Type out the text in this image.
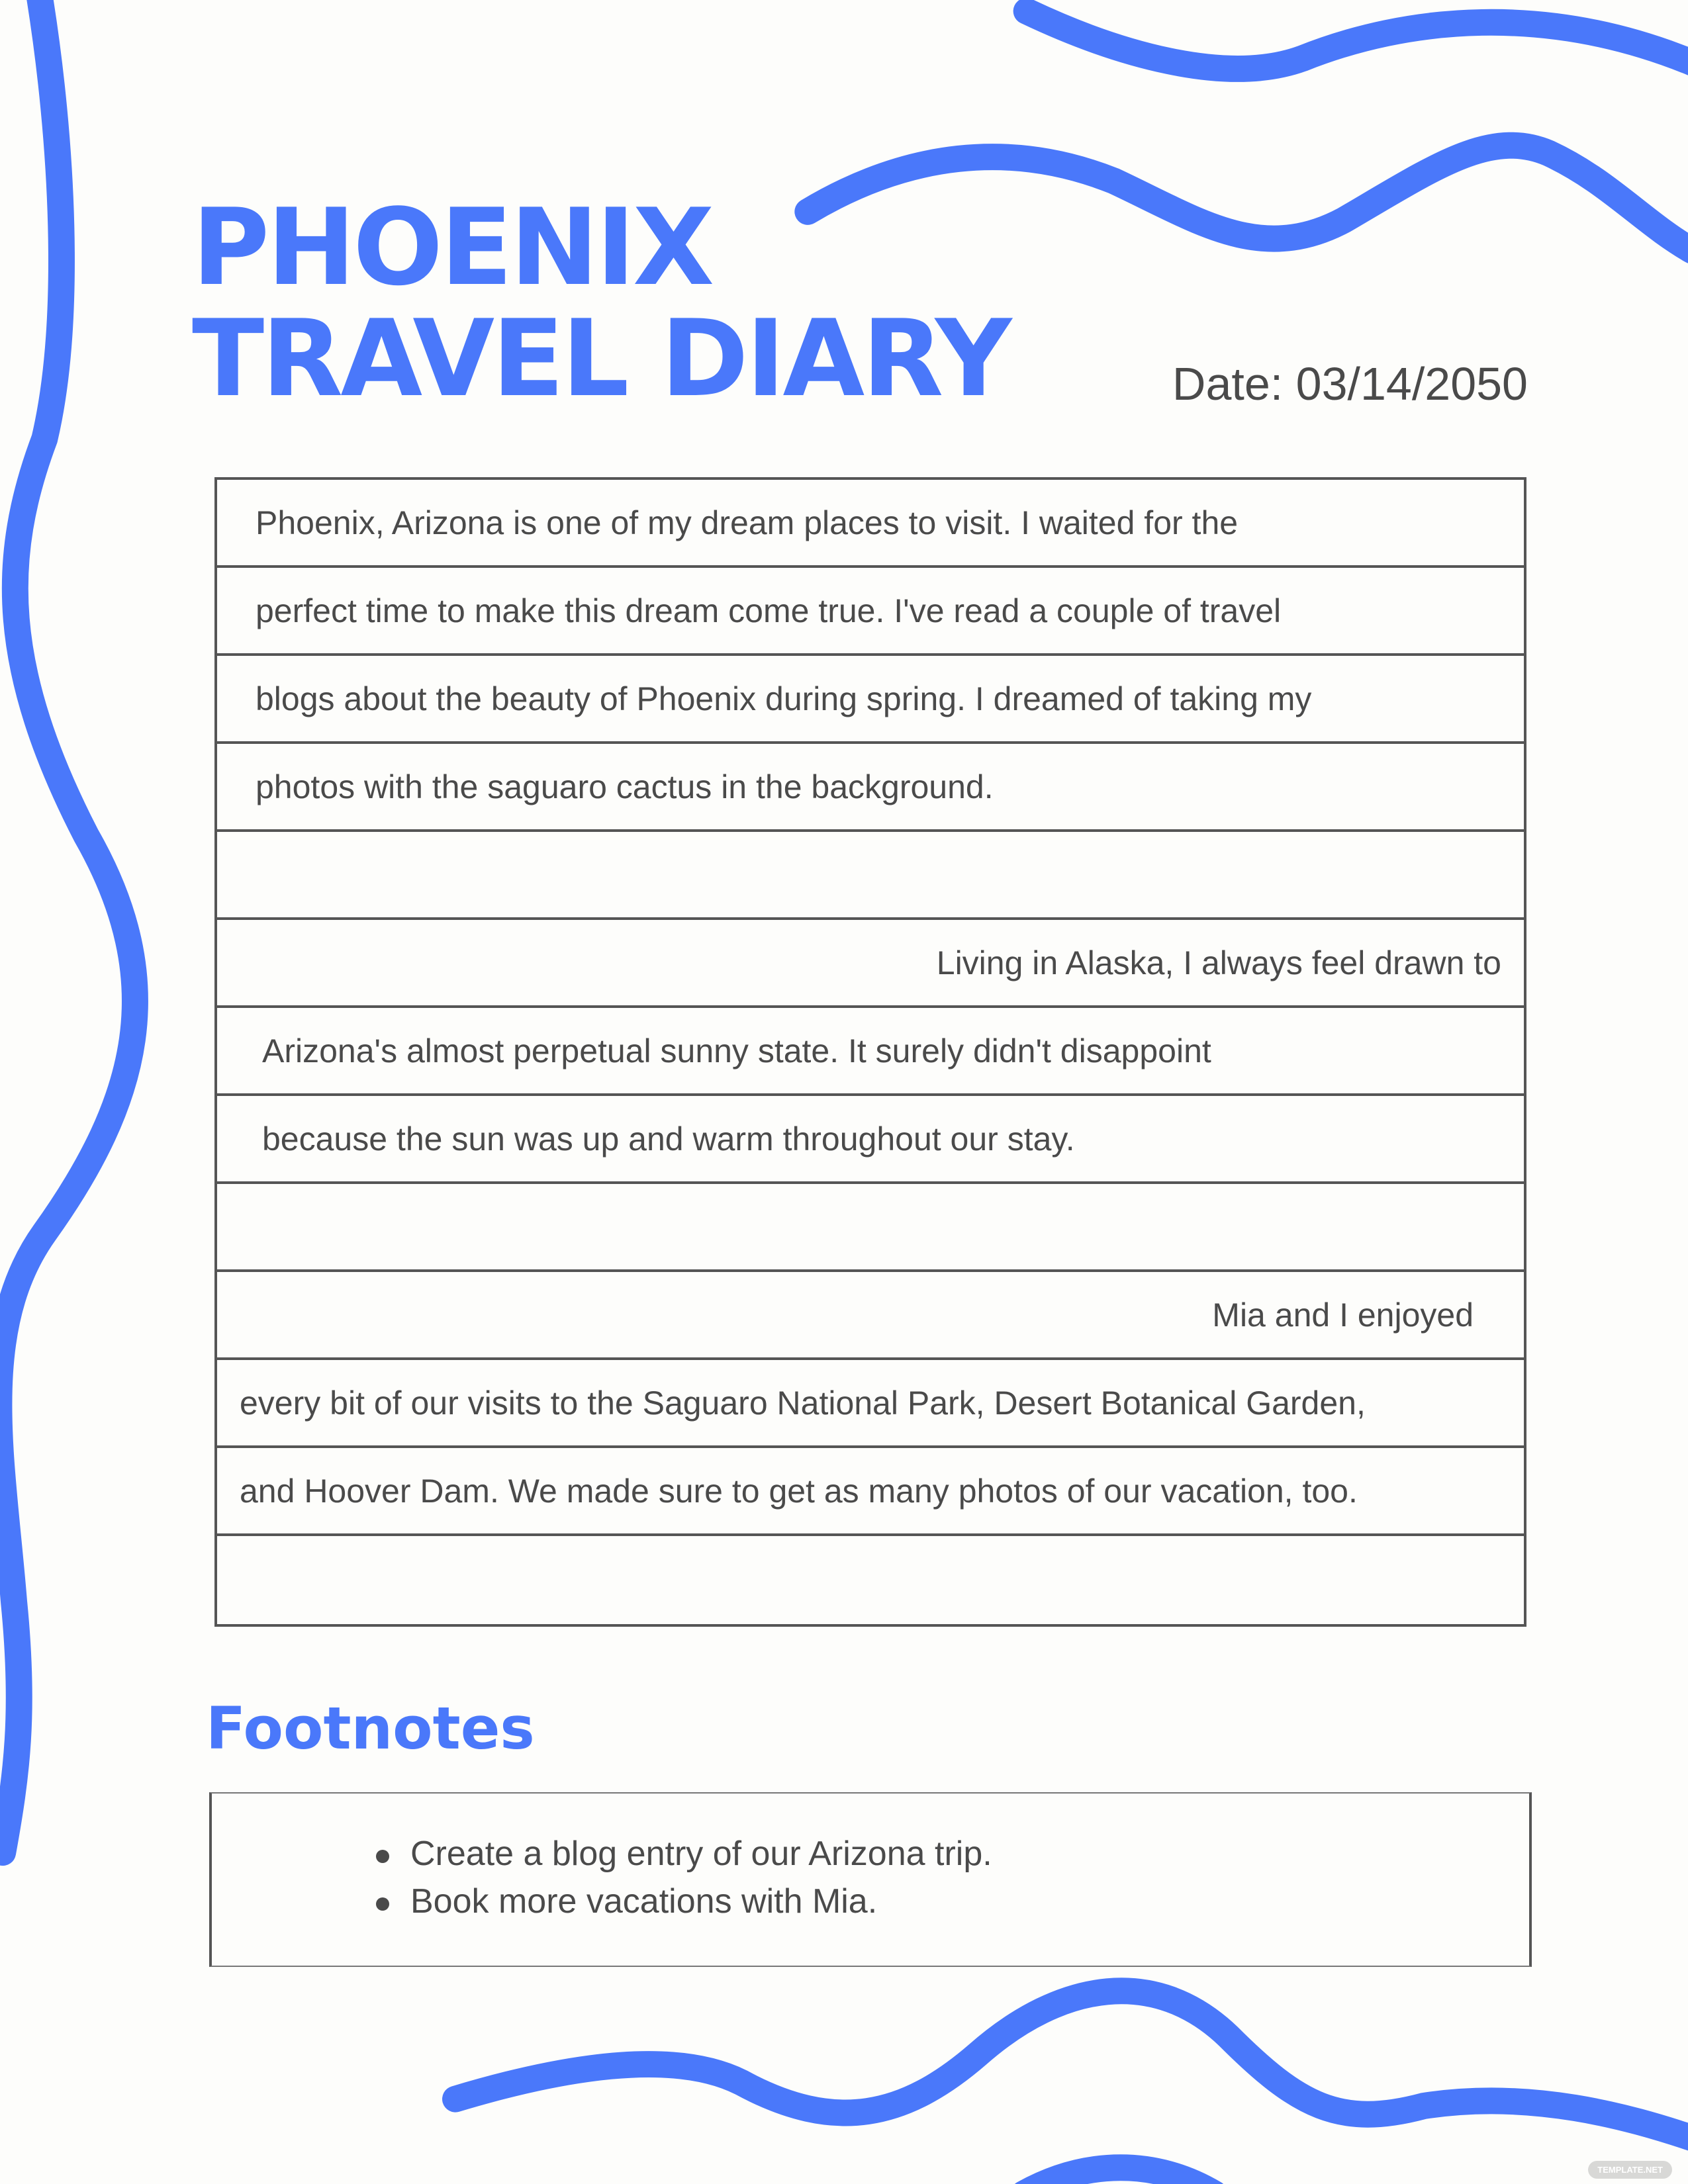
PHOENIX
TRAVEL DIARY	Date: 03/14/2050
Phoenix, Arizona is one of my dream places to visit. I waited for the
perfect time to make this dream come true. I've read a couple of travel
blogs about the beauty of Phoenix during spring. I dreamed of taking my
photos with the saguaro cactus in the background.
Living in Alaska, I always feel drawn to
Arizona's almost perpetual sunny state. It surely didn't disappoint
because the sun was up and warm throughout our stay.
Mia and I enjoyed
every bit of our visits to the Saguaro National Park, Desert Botanical Garden,
and Hoover Dam. We made sure to get as many photos of our vacation, too.
Footnotes
Create a blog entry of our Arizona trip.
Book more vacations with Mia.
TEMPLATE.NET
